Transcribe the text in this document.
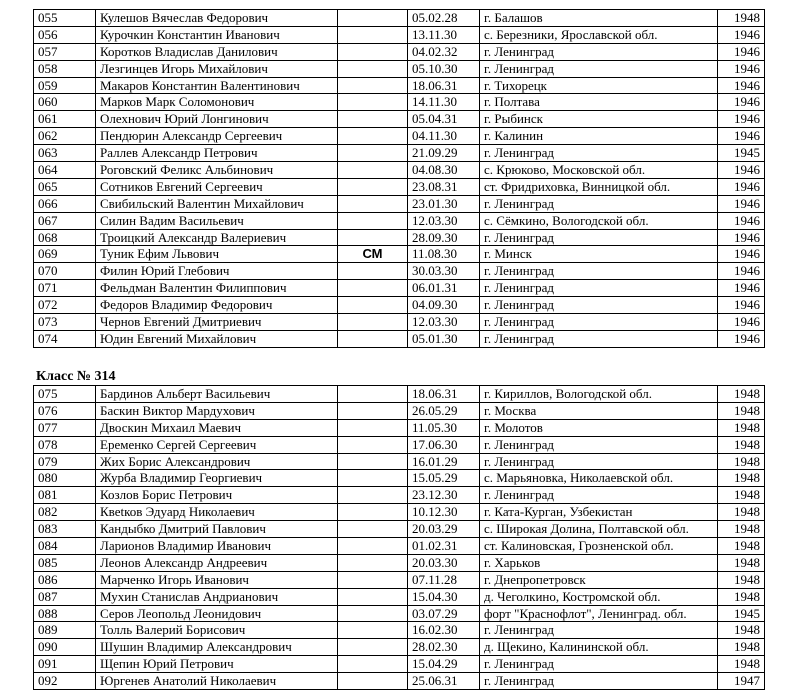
055	Кулешов Вячеслав Федорович		05.02.28	г. Балашов	1948
056	Курочкин Константин Иванович		13.11.30	с. Березники, Ярославской обл.	1946
057	Коротков Владислав Данилович		04.02.32	г. Ленинград	1946
058	Лезгинцев Игорь Михайлович		05.10.30	г. Ленинград	1946
059	Макаров Константин Валентинович		18.06.31	г. Тихорецк	1946
060	Марков Марк Соломонович		14.11.30	г. Полтава	1946
061	Олехнович Юрий Лонгинович		05.04.31	г. Рыбинск	1946
062	Пендюрин Александр Сергеевич		04.11.30	г. Калинин	1946
063	Раллев Александр Петрович		21.09.29	г. Ленинград	1945
064	Роговский Феликс Альбинович		04.08.30	с. Крюково, Московской обл.	1946
065	Сотников Евгений Сергеевич		23.08.31	ст. Фридриховка, Винницкой обл.	1946
066	Свибильский Валентин Михайлович		23.01.30	г. Ленинград	1946
067	Силин Вадим Васильевич		12.03.30	с. Сёмкино, Вологодской обл.	1946
068	Троицкий Александр Валериевич		28.09.30	г. Ленинград	1946
069	Туник Ефим Львович	СМ	11.08.30	г. Минск	1946
070	Филин Юрий Глебович		30.03.30	г. Ленинград	1946
071	Фельдман Валентин Филиппович		06.01.31	г. Ленинград	1946
072	Федоров Владимир Федорович		04.09.30	г. Ленинград	1946
073	Чернов Евгений Дмитриевич		12.03.30	г. Ленинград	1946
074	Юдин Евгений Михайлович		05.01.30	г. Ленинград	1946
Класс № 314
075	Бардинов Альберт Васильевич		18.06.31	г. Кириллов, Вологодской обл.	1948
076	Баскин Виктор Мардухович		26.05.29	г. Москва	1948
077	Двоскин Михаил Маевич		11.05.30	г. Молотов	1948
078	Еременко Сергей Сергеевич		17.06.30	г. Ленинград	1948
079	Жих Борис Александрович		16.01.29	г. Ленинград	1948
080	Журба Владимир Георгиевич		15.05.29	с. Марьяновка, Николаевской обл.	1948
081	Козлов Борис Петрович		23.12.30	г. Ленинград	1948
082	Квеtков Эдуард Николаевич		10.12.30	г. Ката-Курган, Узбекистан	1948
083	Кандыбко Дмитрий Павлович		20.03.29	с. Широкая Долина, Полтавской обл.	1948
084	Ларионов Владимир Иванович		01.02.31	ст. Калиновская, Грозненской обл.	1948
085	Леонов Александр Андреевич		20.03.30	г. Харьков	1948
086	Марченко Игорь Иванович		07.11.28	г. Днепропетровск	1948
087	Мухин Станислав Андрианович		15.04.30	д. Чеголкино, Костромской обл.	1948
088	Серов Леопольд Леонидович		03.07.29	форт "Краснофлот", Ленинград. обл.	1945
089	Толль Валерий Борисович		16.02.30	г. Ленинград	1948
090	Шушин Владимир Александрович		28.02.30	д. Щекино, Калининской обл.	1948
091	Щепин Юрий Петрович		15.04.29	г. Ленинград	1948
092	Юргенев Анатолий Николаевич		25.06.31	г. Ленинград	1947
